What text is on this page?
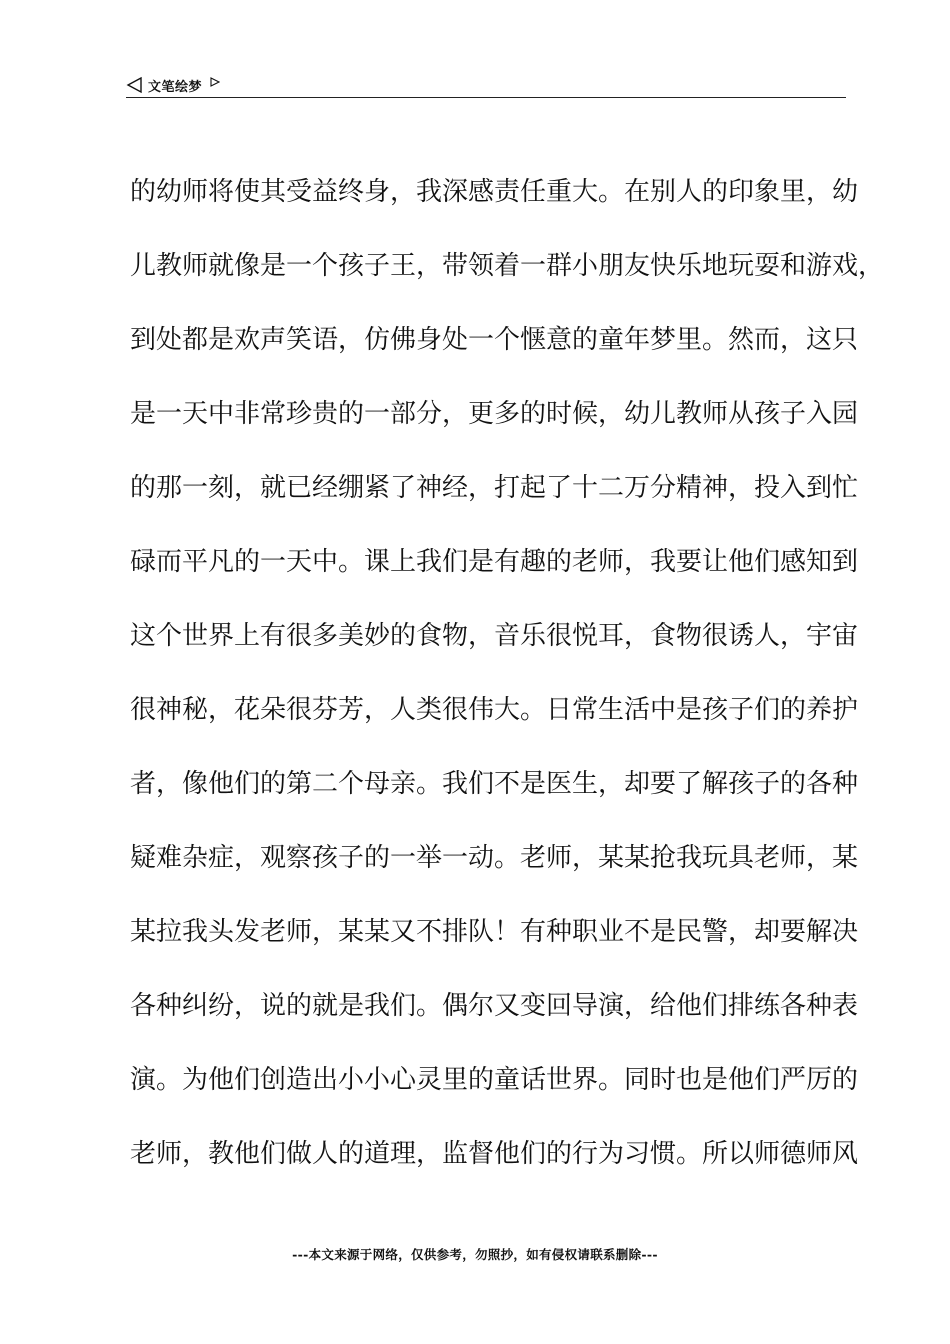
文笔绘梦
的幼师将使其受益终身，我深感责任重大。在别人的印象里，幼
儿教师就像是一个孩子王，带领着一群小朋友快乐地玩耍和游戏，
到处都是欢声笑语，仿佛身处一个惬意的童年梦里。然而，这只
是一天中非常珍贵的一部分，更多的时候，幼儿教师从孩子入园
的那一刻，就已经绷紧了神经，打起了十二万分精神，投入到忙
碌而平凡的一天中。课上我们是有趣的老师，我要让他们感知到
这个世界上有很多美妙的食物，音乐很悦耳，食物很诱人，宇宙
很神秘，花朵很芬芳，人类很伟大。日常生活中是孩子们的养护
者，像他们的第二个母亲。我们不是医生，却要了解孩子的各种
疑难杂症，观察孩子的一举一动。老师，某某抢我玩具老师，某
某拉我头发老师，某某又不排队！有种职业不是民警，却要解决
各种纠纷，说的就是我们。偶尔又变回导演，给他们排练各种表
演。为他们创造出小小心灵里的童话世界。同时也是他们严厉的
老师，教他们做人的道理，监督他们的行为习惯。所以师德师风
---本文来源于网络，仅供参考，勿照抄，如有侵权请联系删除---
